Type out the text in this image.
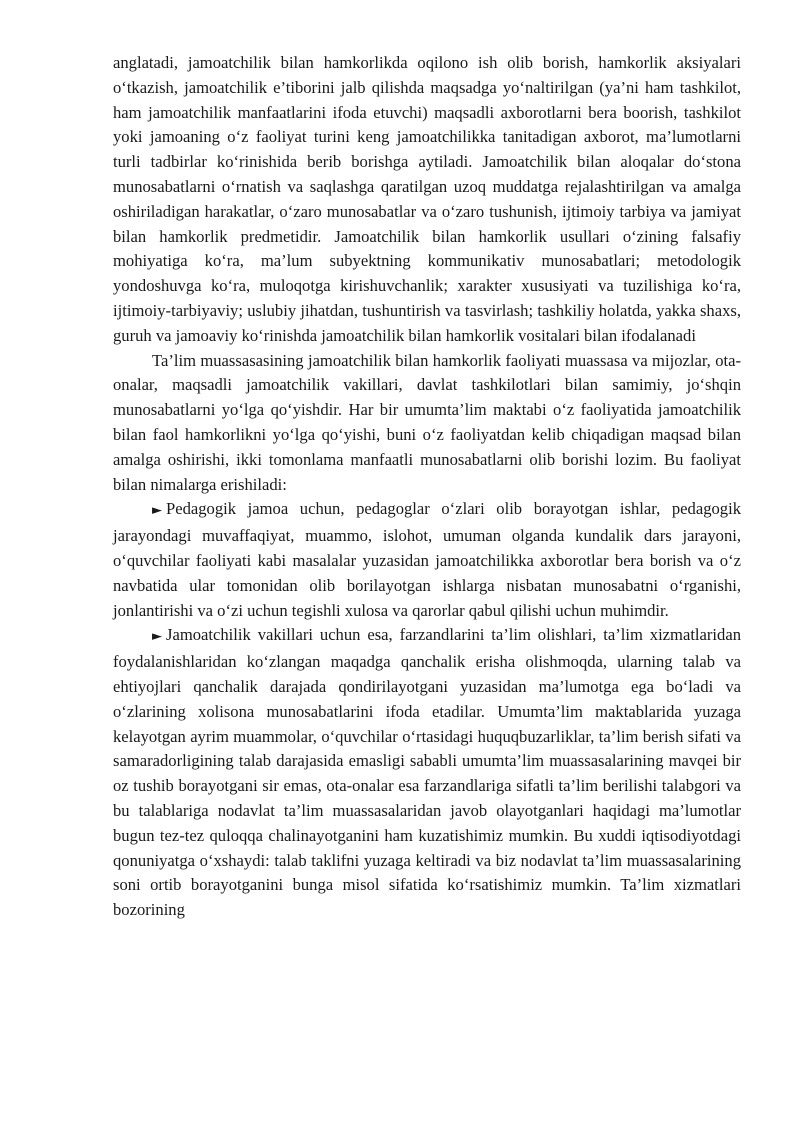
anglatadi, jamoatchilik bilan hamkorlikda oqilono ish olib borish, hamkorlik aksiyalari o‘tkazish, jamoatchilik e’tiborini jalb qilishda maqsadga yo‘naltirilgan (ya’ni ham tashkilot, ham jamoatchilik manfaatlarini ifoda etuvchi) maqsadli axborotlarni bera boorish, tashkilot yoki jamoaning o‘z faoliyat turini keng jamoatchilikka tanitadigan axborot, ma’lumotlarni turli tadbirlar ko‘rinishida berib borishga aytiladi. Jamoatchilik bilan aloqalar do‘stona munosabatlarni o‘rnatish va saqlashga qaratilgan uzoq muddatga rejalashtirilgan va amalga oshiriladigan harakatlar, o‘zaro munosabatlar va o‘zaro tushunish, ijtimoiy tarbiya va jamiyat bilan hamkorlik predmetidir. Jamoatchilik bilan hamkorlik usullari o‘zining falsafiy mohiyatiga ko‘ra, ma’lum subyektning kommunikativ munosabatlari; metodologik yondoshuvga ko‘ra, muloqotga kirishuvchanlik; xarakter xususiyati va tuzilishiga ko‘ra, ijtimoiy-tarbiyaviy; uslubiy jihatdan, tushuntirish va tasvirlash; tashkiliy holatda, yakka shaxs, guruh va jamoaviy ko‘rinishda jamoatchilik bilan hamkorlik vositalari bilan ifodalanadi

Ta’lim muassasasining jamoatchilik bilan hamkorlik faoliyati muassasa va mijozlar, ota-onalar, maqsadli jamoatchilik vakillari, davlat tashkilotlari bilan samimiy, jo‘shqin munosabatlarni yo‘lga qo‘yishdir. Har bir umumta’lim maktabi o‘z faoliyatida jamoatchilik bilan faol hamkorlikni yo‘lga qo‘yishi, buni o‘z faoliyatdan kelib chiqadigan maqsad bilan amalga oshirishi, ikki tomonlama manfaatli munosabatlarni olib borishi lozim. Bu faoliyat bilan nimalarga erishiladi:

► Pedagogik jamoa uchun, pedagoglar o‘zlari olib borayotgan ishlar, pedagogik jarayondagi muvaffaqiyat, muammo, islohot, umuman olganda kundalik dars jarayoni, o‘quvchilar faoliyati kabi masalalar yuzasidan jamoatchilikka axborotlar bera borish va o‘z navbatida ular tomonidan olib borilayotgan ishlarga nisbatan munosabatni o‘rganishi, jonlantirishi va o‘zi uchun tegishli xulosa va qarorlar qabul qilishi uchun muhimdir.

► Jamoatchilik vakillari uchun esa, farzandlarini ta’lim olishlari, ta’lim xizmatlaridan foydalanishlaridan ko‘zlangan maqadga qanchalik erisha olishmoqda, ularning talab va ehtiyojlari qanchalik darajada qondirilayotgani yuzasidan ma’lumotga ega bo‘ladi va o‘zlarining xolisona munosabatlarini ifoda etadilar. Umumta’lim maktablarida yuzaga kelayotgan ayrim muammolar, o‘quvchilar o‘rtasidagi huquqbuzarliklar, ta’lim berish sifati va samaradorligining talab darajasida emasligi sababli umumta’lim muassasalarining mavqei bir oz tushib borayotgani sir emas, ota-onalar esa farzandlariga sifatli ta’lim berilishi talabgori va bu talablariga nodavlat ta’lim muassasalaridan javob olayotganlari haqidagi ma’lumotlar bugun tez-tez quloqqa chalinayotganini ham kuzatishimiz mumkin. Bu xuddi iqtisodiyotdagi qonuniyatga o‘xshaydi: talab taklifni yuzaga keltiradi va biz nodavlat ta’lim muassasalarining soni ortib borayotganini bunga misol sifatida ko‘rsatishimiz mumkin. Ta’lim xizmatlari bozorining
